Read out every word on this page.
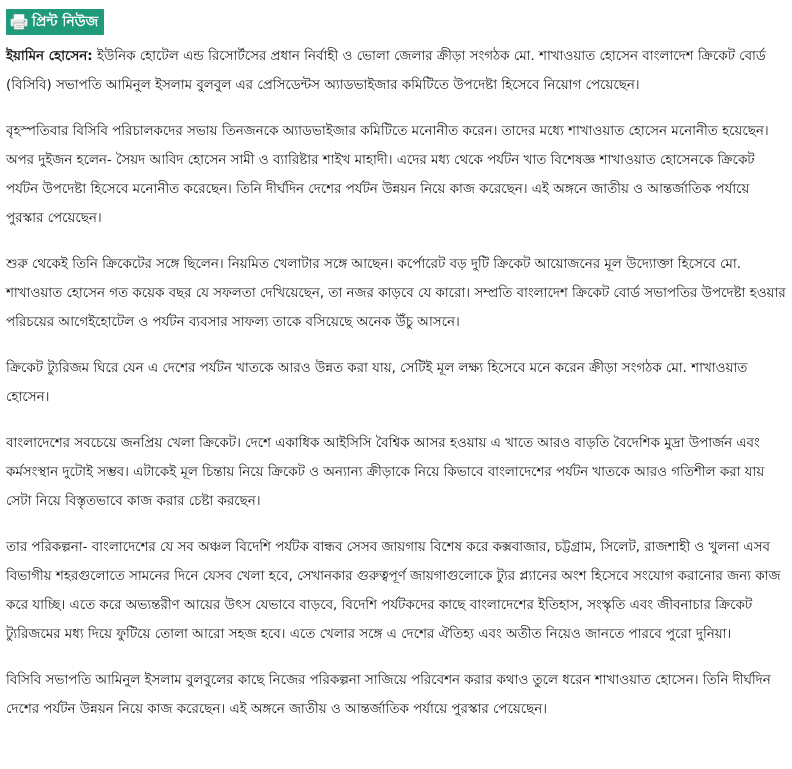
প্রিন্ট নিউজ

ইয়ামিন হোসেন: ইউনিক হোটেল এন্ড রিসোর্টসের প্রধান নির্বাহী ও ভোলা জেলার ক্রীড়া সংগঠক মো. শাখাওয়াত হোসেন বাংলাদেশ ক্রিকেট বোর্ড (বিসিবি) সভাপতি আমিনুল ইসলাম বুলবুল এর প্রেসিডেন্টস অ্যাডভাইজার কমিটিতে উপদেষ্টা হিসেবে নিয়োগ পেয়েছেন।

বৃহস্পতিবার বিসিবি পরিচালকদের সভায় তিনজনকে অ্যাডভাইজার কমিটিতে মনোনীত করেন। তাদের মধ্যে শাখাওয়াত হোসেন মনোনীত হয়েছেন। অপর দুইজন হলেন- সৈয়দ আবিদ হোসেন সামী ও ব্যারিষ্টার শাইখ মাহাদী। এদের মধ্য থেকে পর্যটন খাত বিশেষজ্ঞ শাখাওয়াত হোসেনকে ক্রিকেট পর্যটন উপদেষ্টা হিসেবে মনোনীত করেছেন। তিনি দীর্ঘদিন দেশের পর্যটন উন্নয়ন নিয়ে কাজ করেছেন। এই অঙ্গনে জাতীয় ও আন্তর্জাতিক পর্যায়ে পুরস্কার পেয়েছেন।

শুরু থেকেই তিনি ক্রিকেটের সঙ্গে ছিলেন। নিয়মিত খেলাটার সঙ্গে আছেন। কর্পোরেট বড় দুটি ক্রিকেট আয়োজনের মূল উদ্যোক্তা হিসেবে মো. শাখাওয়াত হোসেন গত কয়েক বছর যে সফলতা দেখিয়েছেন, তা নজর কাড়বে যে কারো। সম্প্রতি বাংলাদেশ ক্রিকেট বোর্ড সভাপতির উপদেষ্টা হওয়ার পরিচয়ের আগেইহোটেল ও পর্যটন ব্যবসার সাফল্য তাকে বসিয়েছে অনেক উঁচু আসনে।

ক্রিকেট ট্যুরিজম ঘিরে যেন এ দেশের পর্যটন খাতকে আরও উন্নত করা যায়, সেটিই মূল লক্ষ্য হিসেবে মনে করেন ক্রীড়া সংগঠক মো. শাখাওয়াত হোসেন।

বাংলাদেশের সবচেয়ে জনপ্রিয় খেলা ক্রিকেট। দেশে একাধিক আইসিসি বৈশ্বিক আসর হওয়ায় এ খাতে আরও বাড়তি বৈদেশিক মুদ্রা উপার্জন এবং কর্মসংস্থান দুটোই সম্ভব। এটাকেই মূল চিন্তায় নিয়ে ক্রিকেট ও অন্যান্য ক্রীড়াকে নিয়ে কিভাবে বাংলাদেশের পর্যটন খাতকে আরও গতিশীল করা যায় সেটা নিয়ে বিস্তৃতভাবে কাজ করার চেষ্টা করছেন।

তার পরিকল্পনা- বাংলাদেশের যে সব অঞ্চল বিদেশি পর্যটক বান্ধব সেসব জায়গায় বিশেষ করে কক্সবাজার, চট্টগ্রাম, সিলেট, রাজশাহী ও খুলনা এসব বিভাগীয় শহরগুলোতে সামনের দিনে যেসব খেলা হবে, সেখানকার গুরুত্বপূর্ণ জায়গাগুলোকে ট্যুর প্ল্যানের অংশ হিসেবে সংযোগ করানোর জন্য কাজ করে যাচ্ছি। এতে করে অভ্যন্তরীণ আয়ের উৎস যেভাবে বাড়বে, বিদেশি পর্যটকদের কাছে বাংলাদেশের ইতিহাস, সংস্কৃতি এবং জীবনাচার ক্রিকেট ট্যুরিজমের মধ্য দিয়ে ফুটিয়ে তোলা আরো সহজ হবে। এতে খেলার সঙ্গে এ দেশের ঐতিহ্য এবং অতীত নিয়েও জানতে পারবে পুরো দুনিয়া।

বিসিবি সভাপতি আমিনুল ইসলাম বুলবুলের কাছে নিজের পরিকল্পনা সাজিয়ে পরিবেশন করার কথাও তুলে ধরেন শাখাওয়াত হোসেন। তিনি দীর্ঘদিন দেশের পর্যটন উন্নয়ন নিয়ে কাজ করেছেন। এই অঙ্গনে জাতীয় ও আন্তর্জাতিক পর্যায়ে পুরস্কার পেয়েছেন।
